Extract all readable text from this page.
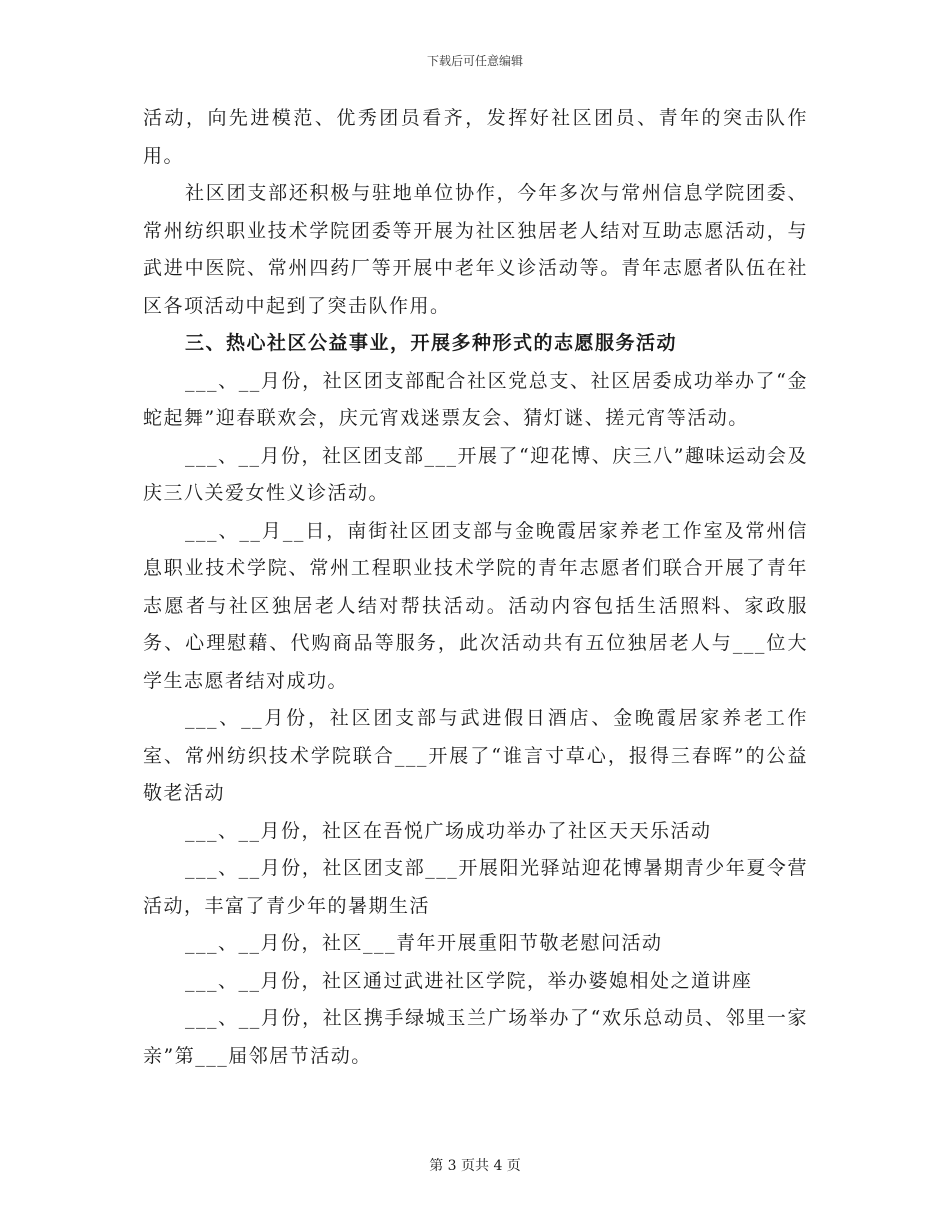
下载后可任意编辑

活动，向先进模范、优秀团员看齐，发挥好社区团员、青年的突击队作用。

社区团支部还积极与驻地单位协作，今年多次与常州信息学院团委、常州纺织职业技术学院团委等开展为社区独居老人结对互助志愿活动，与武进中医院、常州四药厂等开展中老年义诊活动等。青年志愿者队伍在社区各项活动中起到了突击队作用。

三、热心社区公益事业，开展多种形式的志愿服务活动

___、__月份，社区团支部配合社区党总支、社区居委成功举办了“金蛇起舞”迎春联欢会，庆元宵戏迷票友会、猜灯谜、搓元宵等活动。

___、__月份，社区团支部___开展了“迎花博、庆三八”趣味运动会及庆三八关爱女性义诊活动。

___、__月__日，南街社区团支部与金晚霞居家养老工作室及常州信息职业技术学院、常州工程职业技术学院的青年志愿者们联合开展了青年志愿者与社区独居老人结对帮扶活动。活动内容包括生活照料、家政服务、心理慰藉、代购商品等服务，此次活动共有五位独居老人与___位大学生志愿者结对成功。

___、__月份，社区团支部与武进假日酒店、金晚霞居家养老工作室、常州纺织技术学院联合___开展了“谁言寸草心，报得三春晖”的公益敬老活动

___、__月份，社区在吾悦广场成功举办了社区天天乐活动

___、__月份，社区团支部___开展阳光驿站迎花博暑期青少年夏令营活动，丰富了青少年的暑期生活

___、__月份，社区___青年开展重阳节敬老慰问活动

___、__月份，社区通过武进社区学院，举办婆媳相处之道讲座

___、__月份，社区携手绿城玉兰广场举办了“欢乐总动员、邻里一家亲”第___届邻居节活动。

第 3 页共 4 页
